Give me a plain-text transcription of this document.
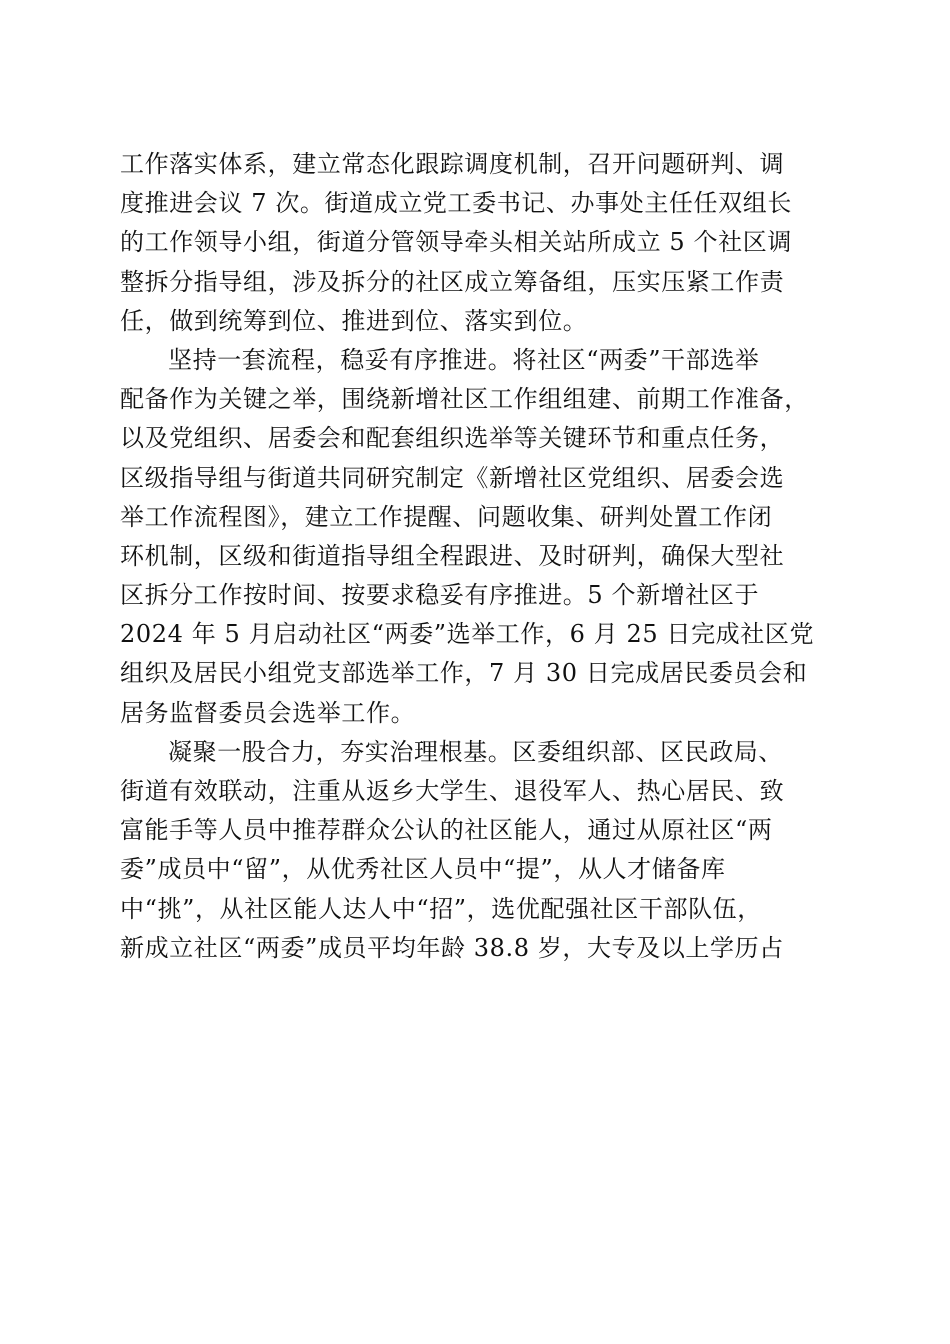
工作落实体系，建立常态化跟踪调度机制，召开问题研判、调
度推进会议 7 次。街道成立党工委书记、办事处主任任双组长
的工作领导小组，街道分管领导牵头相关站所成立 5 个社区调
整拆分指导组，涉及拆分的社区成立筹备组，压实压紧工作责
任，做到统筹到位、推进到位、落实到位。
坚持一套流程，稳妥有序推进。将社区“两委”干部选举
配备作为关键之举，围绕新增社区工作组组建、前期工作准备，
以及党组织、居委会和配套组织选举等关键环节和重点任务，
区级指导组与街道共同研究制定《新增社区党组织、居委会选
举工作流程图》，建立工作提醒、问题收集、研判处置工作闭
环机制，区级和街道指导组全程跟进、及时研判，确保大型社
区拆分工作按时间、按要求稳妥有序推进。5 个新增社区于
2024 年 5 月启动社区“两委”选举工作，6 月 25 日完成社区党
组织及居民小组党支部选举工作，7 月 30 日完成居民委员会和
居务监督委员会选举工作。
凝聚一股合力，夯实治理根基。区委组织部、区民政局、
街道有效联动，注重从返乡大学生、退役军人、热心居民、致
富能手等人员中推荐群众公认的社区能人，通过从原社区“两
委”成员中“留”，从优秀社区人员中“提”，从人才储备库
中“挑”，从社区能人达人中“招”，选优配强社区干部队伍，
新成立社区“两委”成员平均年龄 38.8 岁，大专及以上学历占
